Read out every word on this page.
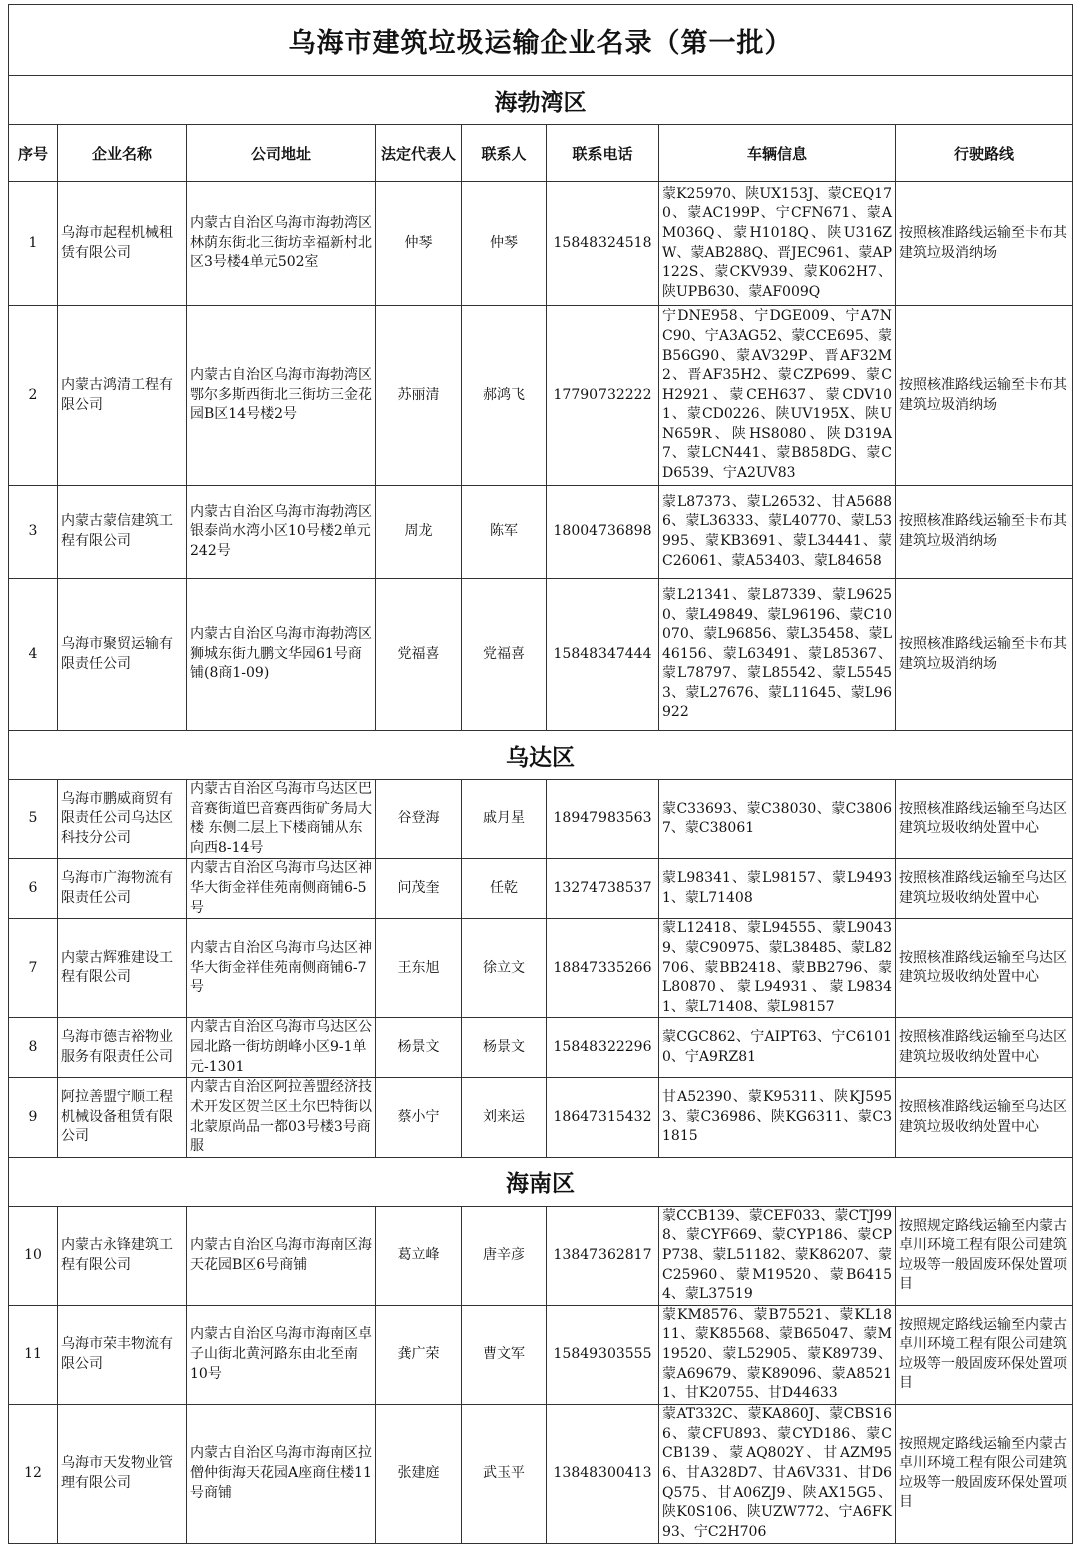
乌海市建筑垃圾运输企业名录（第一批）							
海勃湾区							
序号	企业名称	公司地址	法定代表人	联系人	联系电话	车辆信息	行驶路线
1	乌海市起程机械租赁有限公司	内蒙古自治区乌海市海勃湾区林荫东街北三街坊幸福新村北区3号楼4单元502室	仲琴	仲琴	15848324518	蒙K25970、陕UX153J、蒙CEQ170、蒙AC199P、宁CFN671、蒙AM036Q、蒙H1018Q、陕U316ZW、蒙AB288Q、晋JEC961、蒙AP122S、蒙CKV939、蒙K062H7、陕UPB630、蒙AF009Q	按照核准路线运输至卡布其建筑垃圾消纳场
2	内蒙古鸿清工程有限公司	内蒙古自治区乌海市海勃湾区鄂尔多斯西街北三街坊三金花园B区14号楼2号	苏丽清	郝鸿飞	17790732222	宁DNE958、宁DGE009、宁A7NC90、宁A3AG52、蒙CCE695、蒙B56G90、蒙AV329P、晋AF32M2、晋AF35H2、蒙CZP699、蒙CH2921、蒙CEH637、蒙CDV101、蒙CD0226、陕UV195X、陕UN659R、陕HS8080、陕D319A7、蒙LCN441、蒙B858DG、蒙CD6539、宁A2UV83	按照核准路线运输至卡布其建筑垃圾消纳场
3	内蒙古蒙信建筑工程有限公司	内蒙古自治区乌海市海勃湾区银泰尚水湾小区10号楼2单元242号	周龙	陈军	18004736898	蒙L87373、蒙L26532、甘A56886、蒙L36333、蒙L40770、蒙L53995、蒙KB3691、蒙L34441、蒙C26061、蒙A53403、蒙L84658	按照核准路线运输至卡布其建筑垃圾消纳场
4	乌海市聚贸运输有限责任公司	内蒙古自治区乌海市海勃湾区狮城东街九鹏文华园61号商铺(8商1-09)	党福喜	党福喜	15848347444	蒙L21341、蒙L87339、蒙L96250、蒙L49849、蒙L96196、蒙C10070、蒙L96856、蒙L35458、蒙L46156、蒙L63491、蒙L85367、蒙L78797、蒙L85542、蒙L55453、蒙L27676、蒙L11645、蒙L96922	按照核准路线运输至卡布其建筑垃圾消纳场
乌达区							
5	乌海市鹏威商贸有限责任公司乌达区科技分公司	内蒙古自治区乌海市乌达区巴音赛街道巴音赛西街矿务局大楼 东侧二层上下楼商铺从东向西8-14号	谷登海	戚月星	18947983563	蒙C33693、蒙C38030、蒙C38067、蒙C38061	按照核准路线运输至乌达区建筑垃圾收纳处置中心
6	乌海市广海物流有限责任公司	内蒙古自治区乌海市乌达区神华大街金祥佳苑南侧商铺6-5号	问茂奎	任乾	13274738537	蒙L98341、蒙L98157、蒙L94931、蒙L71408	按照核准路线运输至乌达区建筑垃圾收纳处置中心
7	内蒙古辉雅建设工程有限公司	内蒙古自治区乌海市乌达区神华大街金祥佳苑南侧商铺6-7号	王东旭	徐立文	18847335266	蒙L12418、蒙L94555、蒙L90439、蒙C90975、蒙L38485、蒙L82706、蒙BB2418、蒙BB2796、蒙L80870、蒙L94931、蒙L98341、蒙L71408、蒙L98157	按照核准路线运输至乌达区建筑垃圾收纳处置中心
8	乌海市德吉裕物业服务有限责任公司	内蒙古自治区乌海市乌达区公园北路一街坊朗峰小区9-1单元-1301	杨景文	杨景文	15848322296	蒙CGC862、宁AIPT63、宁C61010、宁A9RZ81	按照核准路线运输至乌达区建筑垃圾收纳处置中心
9	阿拉善盟宁顺工程机械设备租赁有限公司	内蒙古自治区阿拉善盟经济技术开发区贺兰区土尔巴特街以北蒙原尚品一都03号楼3号商服	蔡小宁	刘来运	18647315432	甘A52390、蒙K95311、陕KJ5953、蒙C36986、陕KG6311、蒙C31815	按照核准路线运输至乌达区建筑垃圾收纳处置中心
海南区							
10	内蒙古永锋建筑工程有限公司	内蒙古自治区乌海市海南区海天花园B区6号商铺	葛立峰	唐辛彦	13847362817	蒙CCB139、蒙CEF033、蒙CTJ998、蒙CYF669、蒙CYP186、蒙CPP738、蒙L51182、蒙K86207、蒙C25960、蒙M19520、蒙B64154、蒙L37519	按照规定路线运输至内蒙古卓川环境工程有限公司建筑垃圾等一般固废环保处置项目
11	乌海市荣丰物流有限公司	内蒙古自治区乌海市海南区卓子山街北黄河路东由北至南10号	龚广荣	曹文军	15849303555	蒙KM8576、蒙B75521、蒙KL1811、蒙K85568、蒙B65047、蒙M19520、蒙L52905、蒙K89739、蒙A69679、蒙K89096、蒙A85211、甘K20755、甘D44633	按照规定路线运输至内蒙古卓川环境工程有限公司建筑垃圾等一般固废环保处置项目
12	乌海市天发物业管理有限公司	内蒙古自治区乌海市海南区拉僧仲街海天花园A座商住楼11号商铺	张建庭	武玉平	13848300413	蒙AT332C、蒙KA860J、蒙CBS166、蒙CFU893、蒙CYD186、蒙CCB139、蒙AQ802Y、甘AZM956、甘A328D7、甘A6V331、甘D6Q575、甘A06ZJ9、陕AX15G5、陕K0S106、陕UZW772、宁A6FK93、宁C2H706	按照规定路线运输至内蒙古卓川环境工程有限公司建筑垃圾等一般固废环保处置项目
